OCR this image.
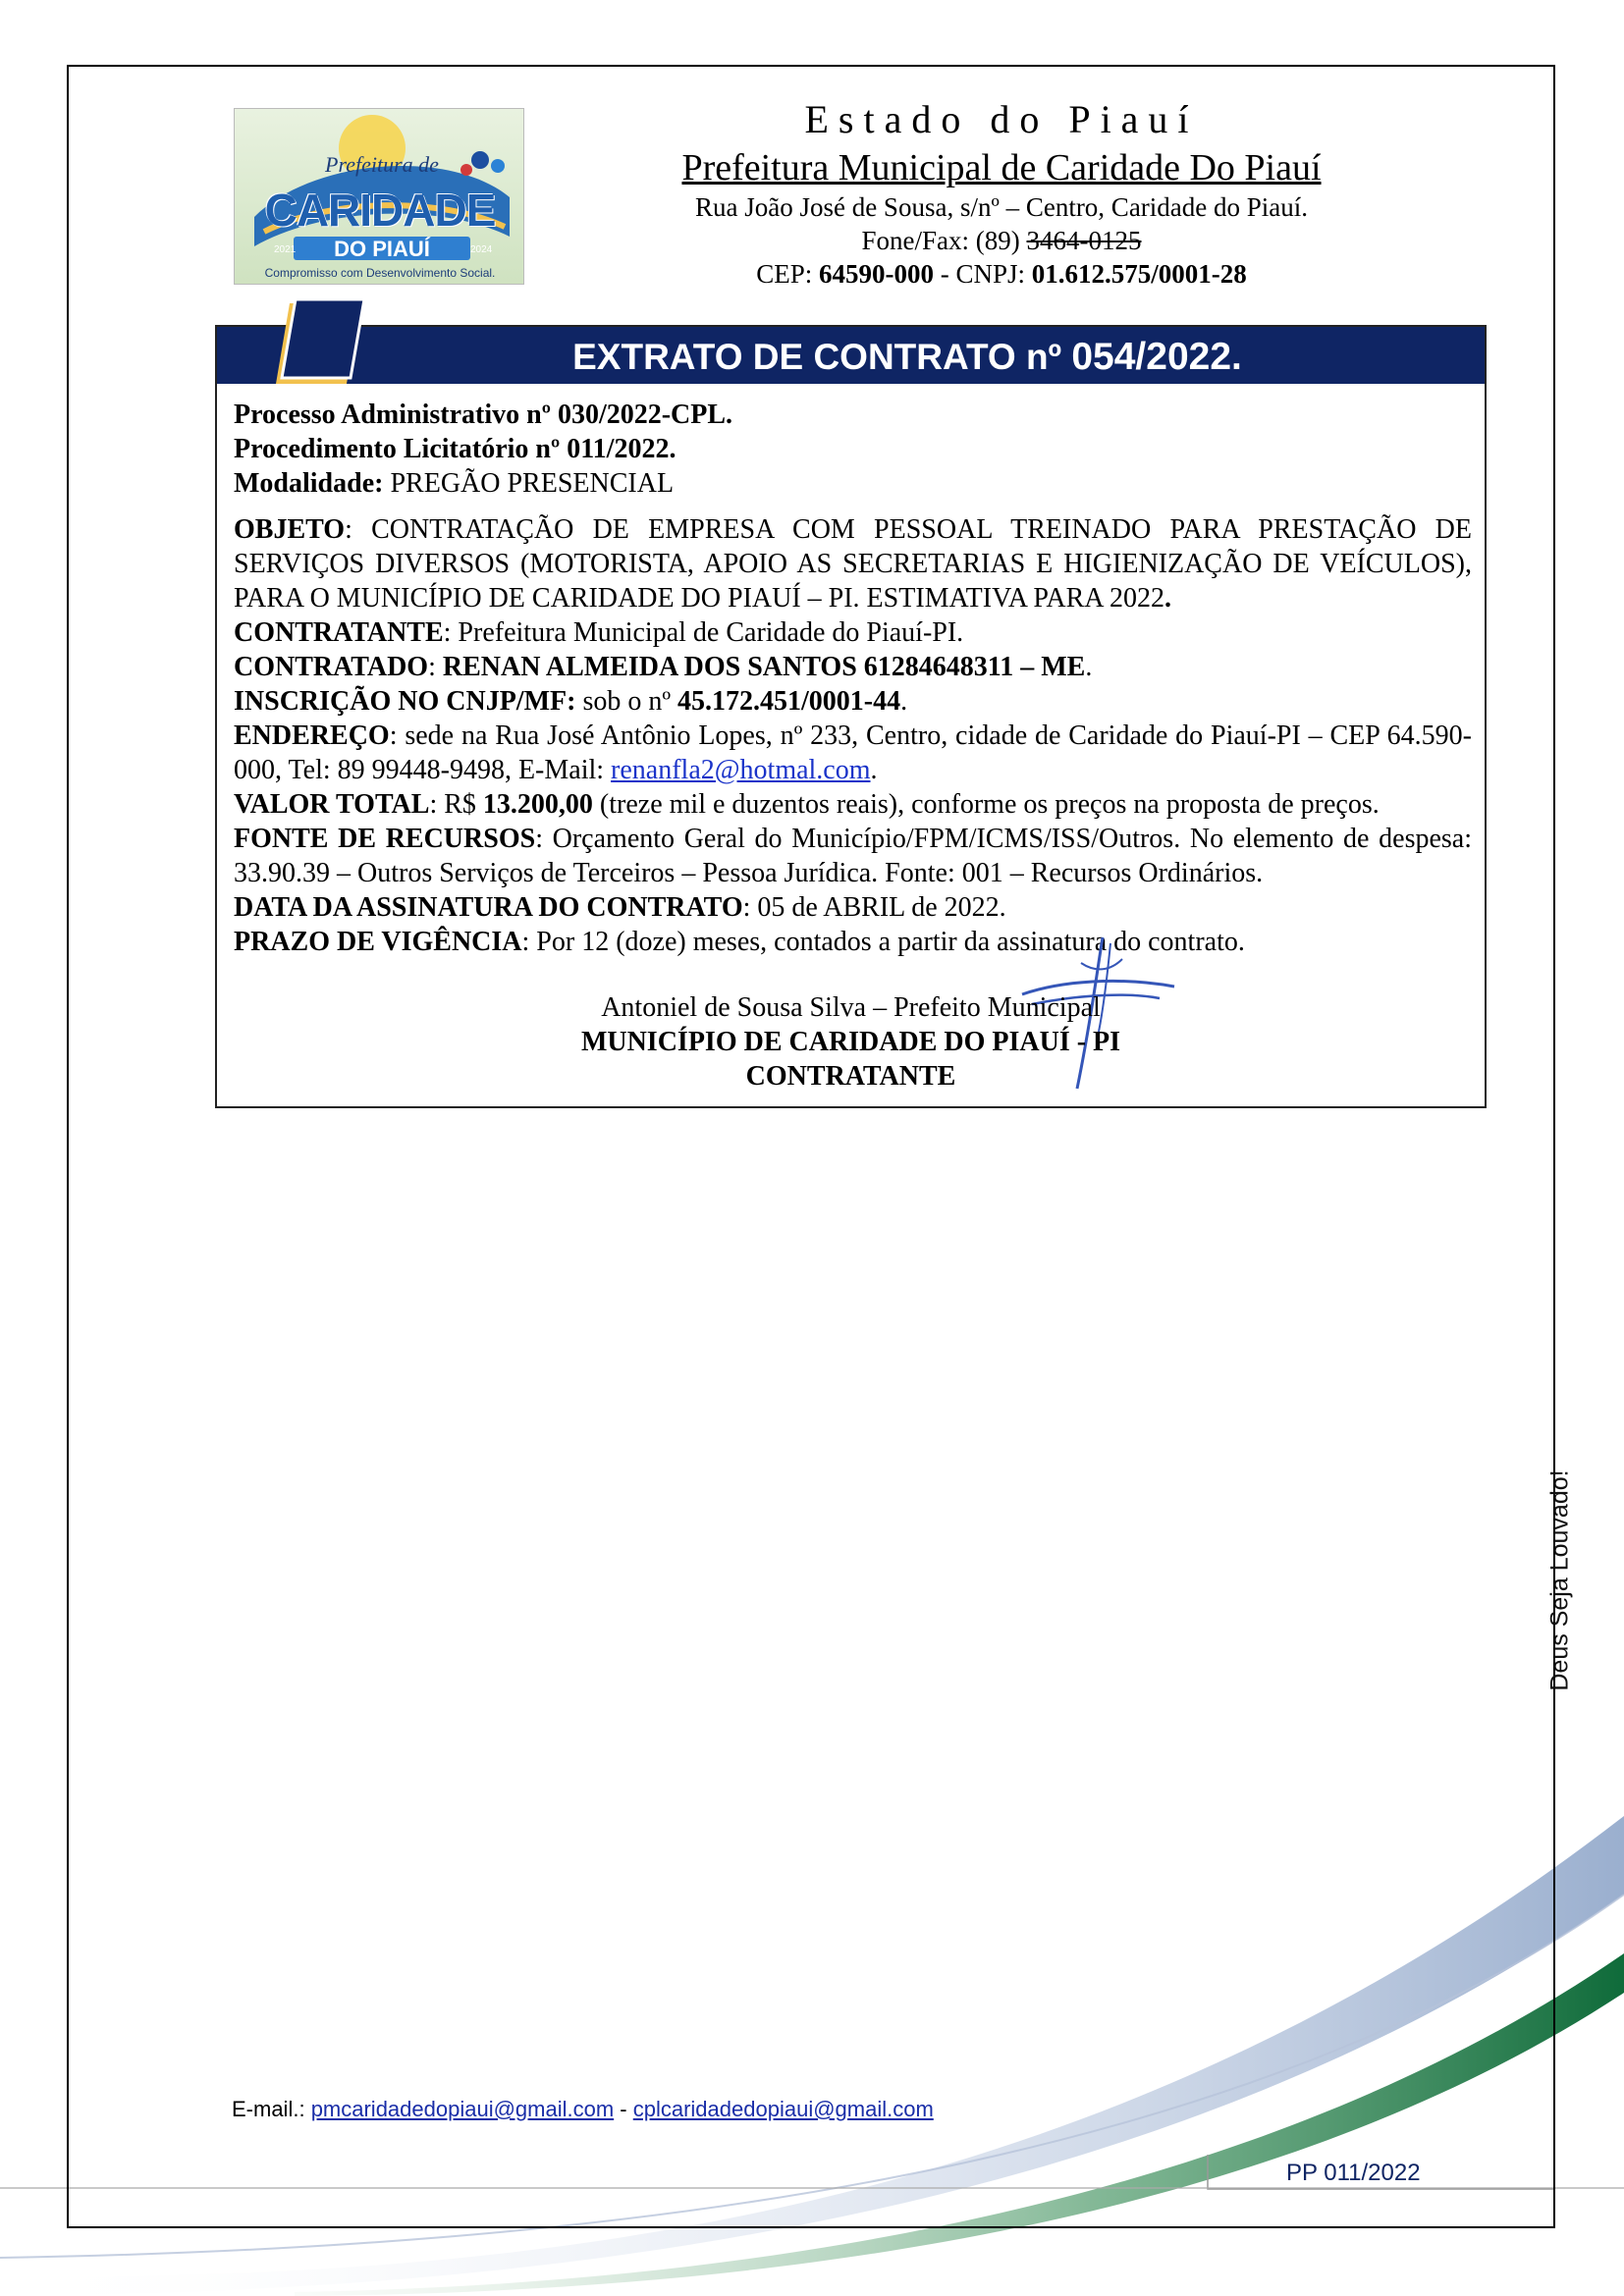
Prefeitura de
CARIDADE
2021	DO PIAUÍ	2024
Compromisso com Desenvolvimento Social.
Estado do Piauí
Prefeitura Municipal de Caridade Do Piauí
Rua João José de Sousa, s/nº – Centro, Caridade do Piauí.
Fone/Fax: (89) 3464-0125
CEP: 64590-000 - CNPJ: 01.612.575/0001-28
EXTRATO DE CONTRATO nº 054/2022.

Processo Administrativo nº 030/2022-CPL.

Procedimento Licitatório nº 011/2022.

Modalidade: PREGÃO PRESENCIAL

OBJETO: CONTRATAÇÃO DE EMPRESA COM PESSOAL TREINADO PARA PRESTAÇÃO DE SERVIÇOS DIVERSOS (MOTORISTA, APOIO AS SECRETARIAS E HIGIENIZAÇÃO DE VEÍCULOS), PARA O MUNICÍPIO DE CARIDADE DO PIAUÍ – PI. ESTIMATIVA PARA 2022.

CONTRATANTE: Prefeitura Municipal de Caridade do Piauí-PI.

CONTRATADO: RENAN ALMEIDA DOS SANTOS 61284648311 – ME.

INSCRIÇÃO NO CNJP/MF: sob o nº 45.172.451/0001-44.

ENDEREÇO: sede na Rua José Antônio Lopes, nº 233, Centro, cidade de Caridade do Piauí-PI – CEP 64.590-000, Tel: 89 99448-9498, E-Mail: renanfla2@hotmal.com.

VALOR TOTAL: R$ 13.200,00 (treze mil e duzentos reais), conforme os preços na proposta de preços.

FONTE DE RECURSOS: Orçamento Geral do Município/FPM/ICMS/ISS/Outros. No elemento de despesa: 33.90.39 – Outros Serviços de Terceiros – Pessoa Jurídica. Fonte: 001 – Recursos Ordinários.

DATA DA ASSINATURA DO CONTRATO: 05 de ABRIL de 2022.

PRAZO DE VIGÊNCIA: Por 12 (doze) meses, contados a partir da assinatura do contrato.

Antoniel de Sousa Silva – Prefeito Municipal
MUNICÍPIO DE CARIDADE DO PIAUÍ - PI
CONTRATANTE
Deus Seja Louvado!
E-mail.: pmcaridadedopiaui@gmail.com - cplcaridadedopiaui@gmail.com
PP 011/2022
